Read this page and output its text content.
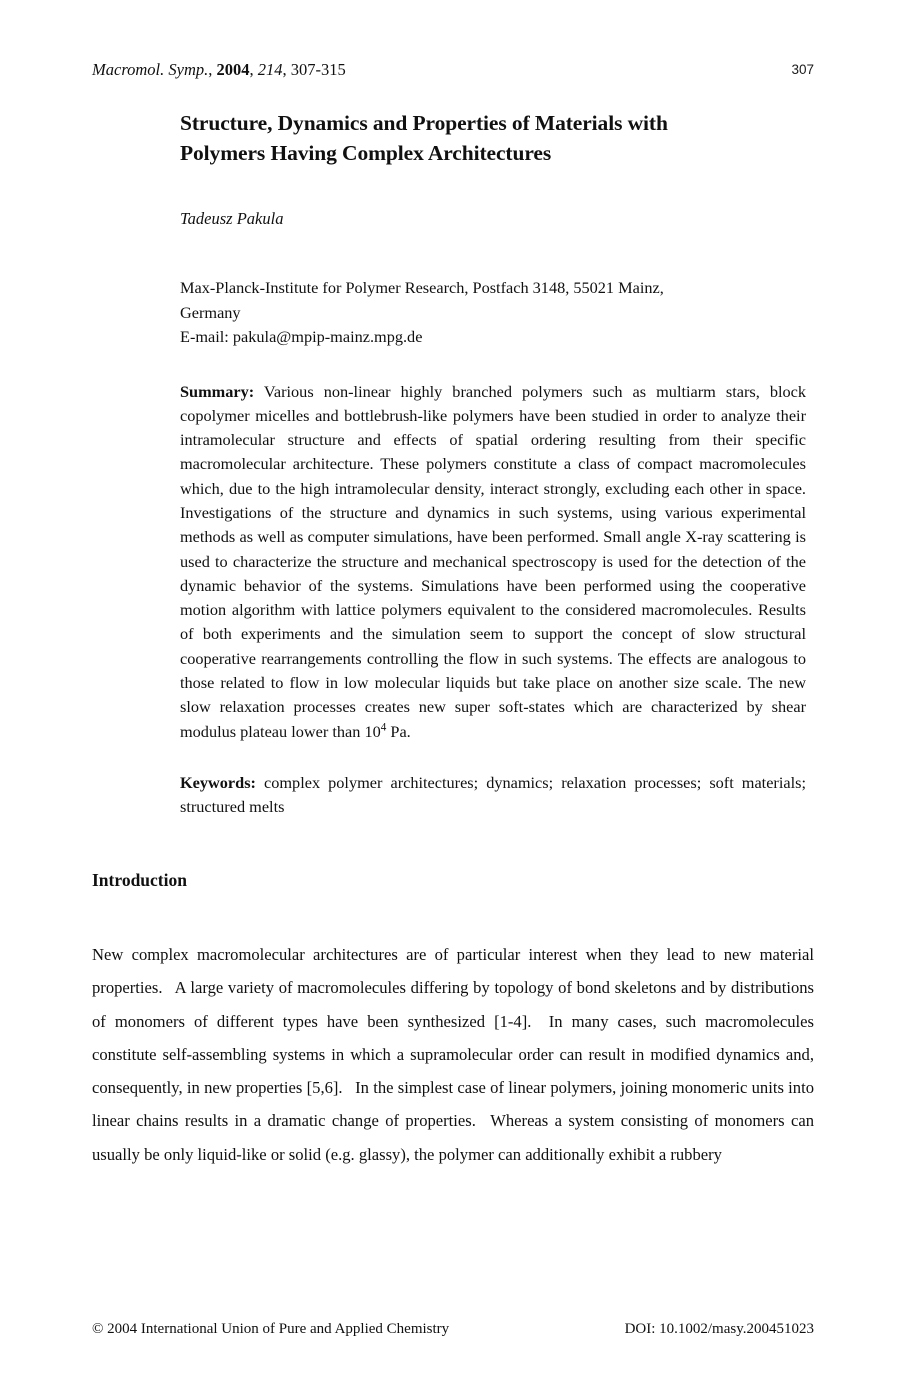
Macromol. Symp., 2004, 214, 307-315	307
Structure, Dynamics and Properties of Materials with
Polymers Having Complex Architectures
Tadeusz Pakula
Max-Planck-Institute for Polymer Research, Postfach 3148, 55021 Mainz,
Germany
E-mail: pakula@mpip-mainz.mpg.de

Summary: Various non-linear highly branched polymers such as multiarm stars, block copolymer micelles and bottlebrush-like polymers have been studied in order to analyze their intramolecular structure and effects of spatial ordering resulting from their specific macromolecular architecture. These polymers constitute a class of compact macromolecules which, due to the high intramolecular density, interact strongly, excluding each other in space. Investigations of the structure and dynamics in such systems, using various experimental methods as well as computer simulations, have been performed. Small angle X-ray scattering is used to characterize the structure and mechanical spectroscopy is used for the detection of the dynamic behavior of the systems. Simulations have been performed using the cooperative motion algorithm with lattice polymers equivalent to the considered macromolecules. Results of both experiments and the simulation seem to support the concept of slow structural cooperative rearrangements controlling the flow in such systems. The effects are analogous to those related to flow in low molecular liquids but take place on another size scale. The new slow relaxation processes creates new super soft-states which are characterized by shear modulus plateau lower than $10^4$ Pa.

Keywords: complex polymer architectures; dynamics; relaxation processes; soft materials; structured melts

Introduction

New complex macromolecular architectures are of particular interest when they lead to new material properties.  A large variety of macromolecules differing by topology of bond skeletons and by distributions of monomers of different types have been synthesized [1-4].  In many cases, such macromolecules constitute self-assembling systems in which a supramolecular order can result in modified dynamics and, consequently, in new properties [5,6].  In the simplest case of linear polymers, joining monomeric units into linear chains results in a dramatic change of properties.  Whereas a system consisting of monomers can usually be only liquid-like or solid (e.g. glassy), the polymer can additionally exhibit a rubbery

© 2004 International Union of Pure and Applied Chemistry	DOI: 10.1002/masy.200451023
